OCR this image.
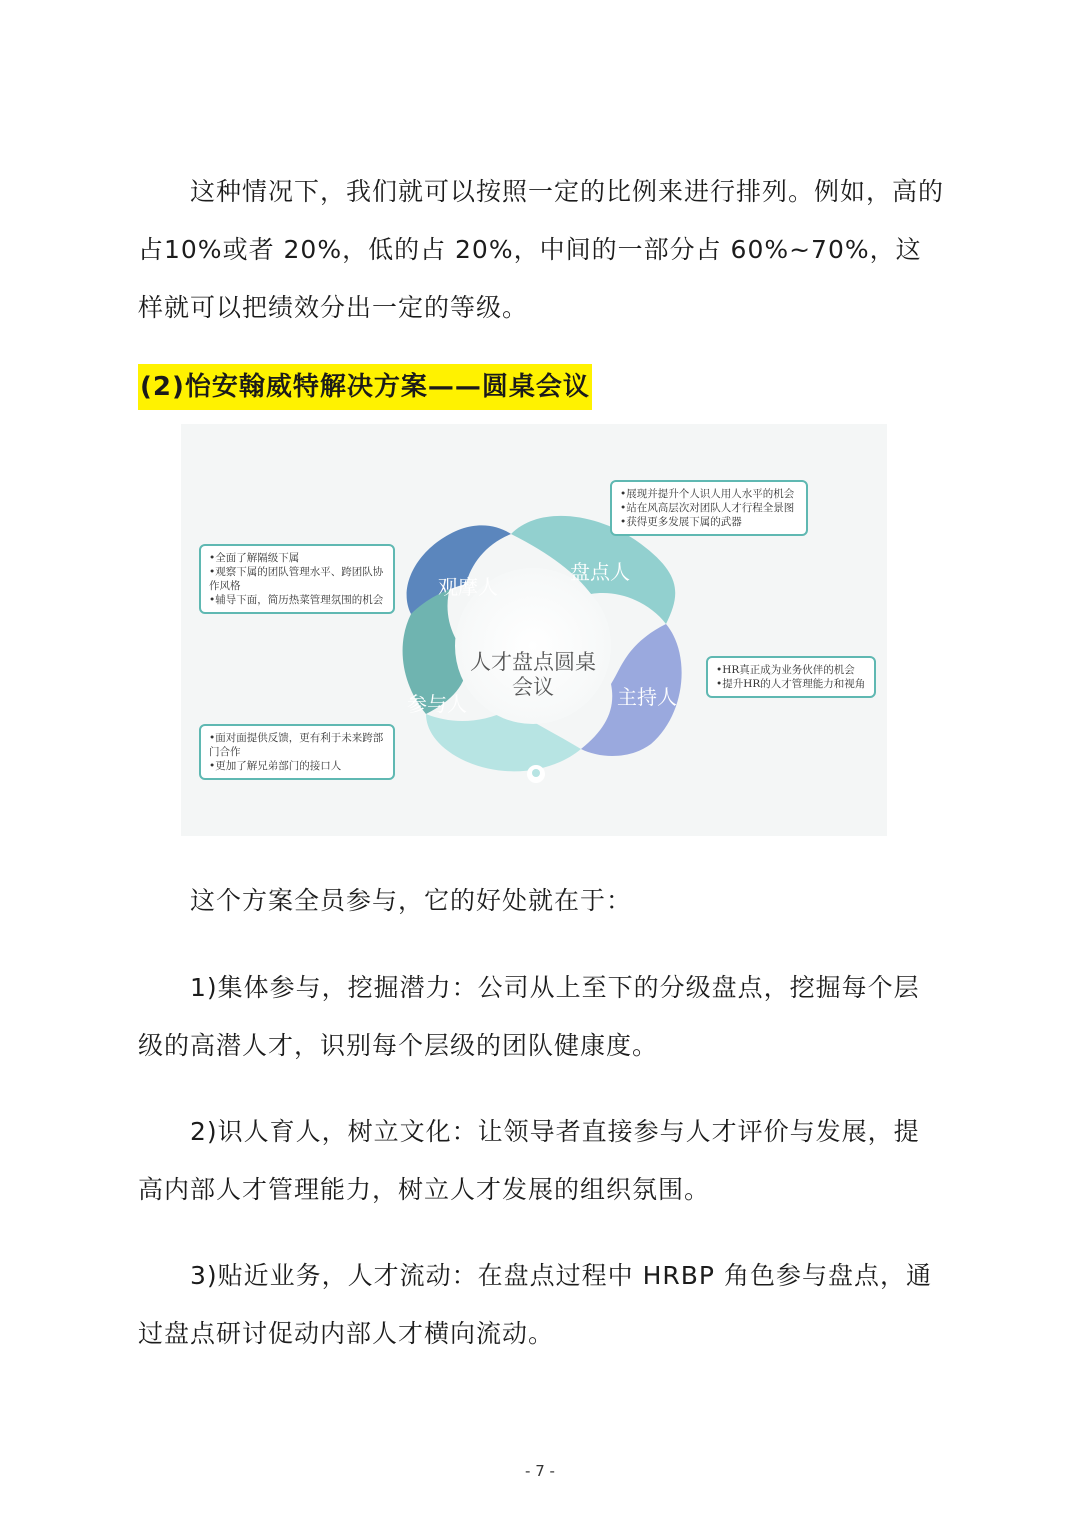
这种情况下，我们就可以按照一定的比例来进行排列。例如，高的占10%或者 20%，低的占 20%，中间的一部分占 60%~70%，这样就可以把绩效分出一定的等级。

(2)怡安翰威特解决方案——圆桌会议
人才盘点圆桌
会议
盘点人
主持人
观摩人
参与人
•展现并提升个人识人用人水平的机会
•站在风高层次对团队人才行程全景图
•获得更多发展下属的武器
•HR真正成为业务伙伴的机会
•提升HR的人才管理能力和视角
•全面了解隔级下属
•观察下属的团队管理水平、跨团队协作风格
•辅导下面，简历热菜管理氛围的机会
•面对面提供反馈，更有利于未来跨部门合作
•更加了解兄弟部门的接口人

这个方案全员参与，它的好处就在于：

1)集体参与，挖掘潜力：公司从上至下的分级盘点，挖掘每个层级的高潜人才，识别每个层级的团队健康度。

2)识人育人，树立文化：让领导者直接参与人才评价与发展，提高内部人才管理能力，树立人才发展的组织氛围。

3)贴近业务，人才流动：在盘点过程中 HRBP 角色参与盘点，通过盘点研讨促动内部人才横向流动。

- 7 -
